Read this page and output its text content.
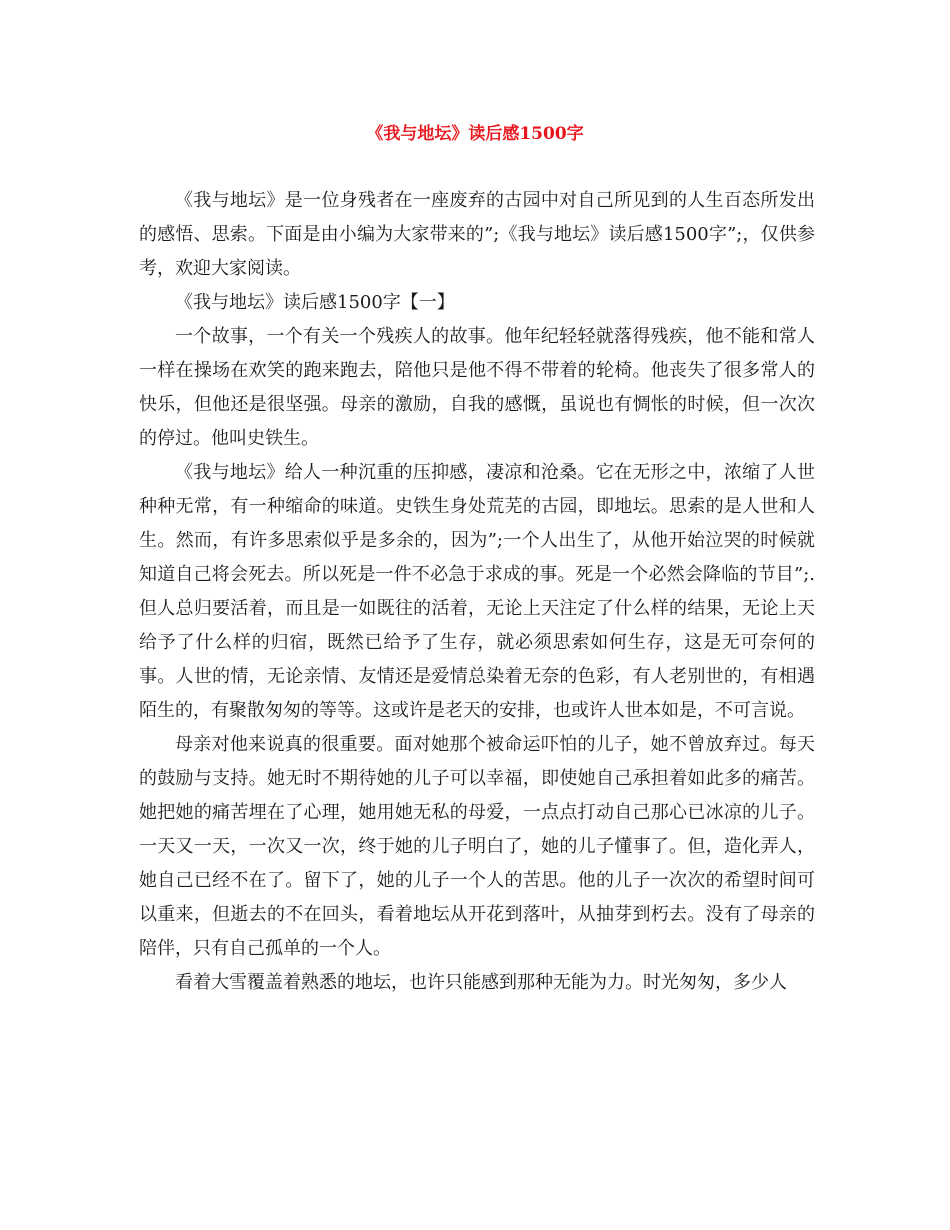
《我与地坛》读后感1500字

《我与地坛》是一位身残者在一座废弃的古园中对自己所见到的人生百态所发出的感悟、思索。下面是由小编为大家带来的”;《我与地坛》读后感1500字”;，仅供参考，欢迎大家阅读。

《我与地坛》读后感1500字【一】

一个故事，一个有关一个残疾人的故事。他年纪轻轻就落得残疾，他不能和常人一样在操场在欢笑的跑来跑去，陪他只是他不得不带着的轮椅。他丧失了很多常人的快乐，但他还是很坚强。母亲的激励，自我的感慨，虽说也有惆怅的时候，但一次次的停过。他叫史铁生。

《我与地坛》给人一种沉重的压抑感，凄凉和沧桑。它在无形之中，浓缩了人世种种无常，有一种缩命的味道。史铁生身处荒芜的古园，即地坛。思索的是人世和人生。然而，有许多思索似乎是多余的，因为”;一个人出生了，从他开始泣哭的时候就知道自己将会死去。所以死是一件不必急于求成的事。死是一个必然会降临的节目”;.但人总归要活着，而且是一如既往的活着，无论上天注定了什么样的结果，无论上天给予了什么样的归宿，既然已给予了生存，就必须思索如何生存，这是无可奈何的事。人世的情，无论亲情、友情还是爱情总染着无奈的色彩，有人老别世的，有相遇陌生的，有聚散匆匆的等等。这或许是老天的安排，也或许人世本如是，不可言说。

母亲对他来说真的很重要。面对她那个被命运吓怕的儿子，她不曾放弃过。每天的鼓励与支持。她无时不期待她的儿子可以幸福，即使她自己承担着如此多的痛苦。她把她的痛苦埋在了心理，她用她无私的母爱，一点点打动自己那心已冰凉的儿子。一天又一天，一次又一次，终于她的儿子明白了，她的儿子懂事了。但，造化弄人，她自己已经不在了。留下了，她的儿子一个人的苦思。他的儿子一次次的希望时间可以重来，但逝去的不在回头，看着地坛从开花到落叶，从抽芽到朽去。没有了母亲的陪伴，只有自己孤单的一个人。

看着大雪覆盖着熟悉的地坛，也许只能感到那种无能为力。时光匆匆，多少人
